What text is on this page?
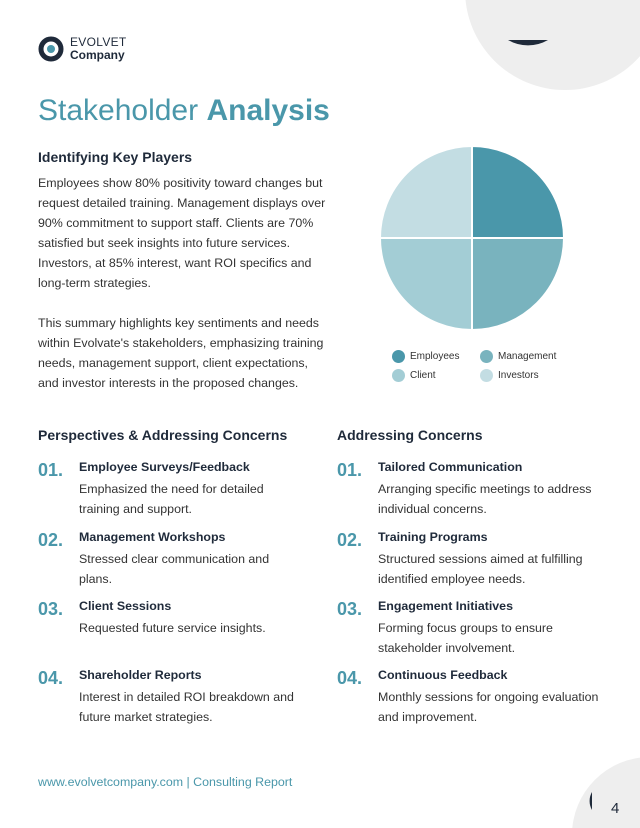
EVOLVET
Company
Stakeholder Analysis
Identifying Key Players

Employees show 80% positivity toward changes but request detailed training. Management displays over 90% commitment to support staff. Clients are 70% satisfied but seek insights into future services. Investors, at 85% interest, want ROI specifics and long-term strategies.

This summary highlights key sentiments and needs within Evolvate's stakeholders, emphasizing training needs, management support, client expectations, and investor interests in the proposed changes.

Employees	Management
Client	Investors
Perspectives & Addressing Concerns	Addressing Concerns
01.	Employee Surveys/Feedback
Emphasized the need for detailed training and support.
02.	Management Workshops
Stressed clear communication and plans.
03.	Client Sessions
Requested future service insights.
04.	Shareholder Reports
Interest in detailed ROI breakdown and future market strategies.
01.	Tailored Communication
Arranging specific meetings to address individual concerns.
02.	Training Programs
Structured sessions aimed at fulfilling identified employee needs.
03.	Engagement Initiatives
Forming focus groups to ensure stakeholder involvement.
04.	Continuous Feedback
Monthly sessions for ongoing evaluation and improvement.
www.evolvetcompany.com | Consulting Report
4
